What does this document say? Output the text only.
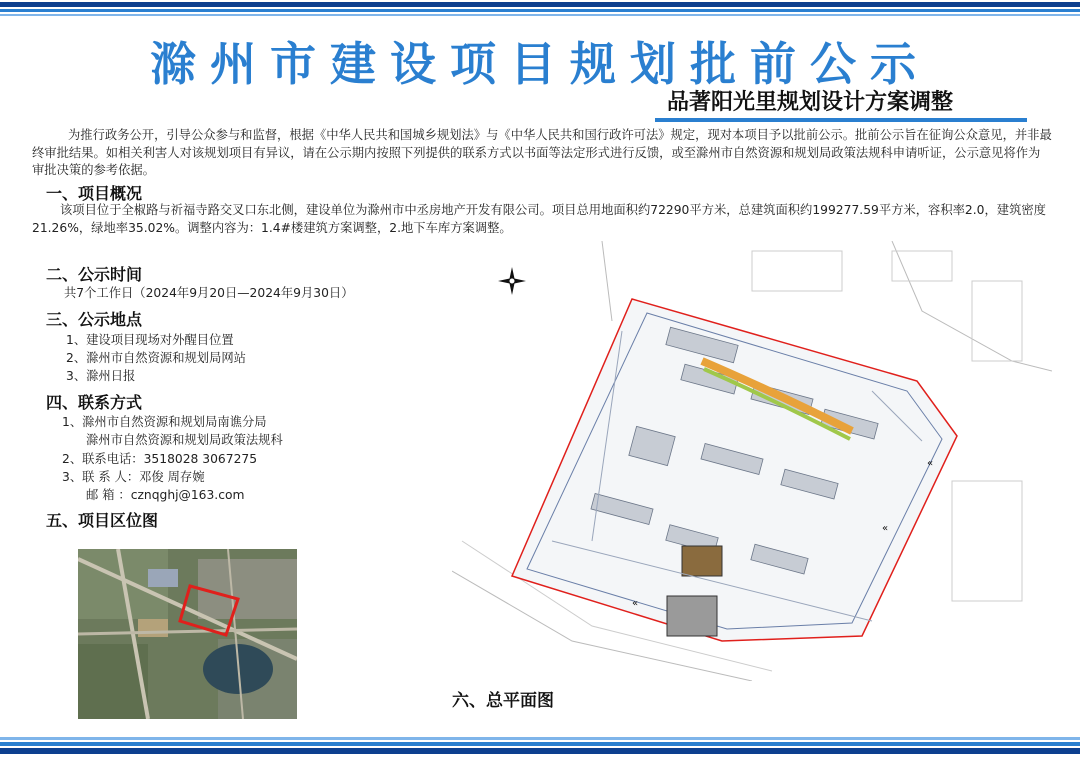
滁州市建设项目规划批前公示
品著阳光里规划设计方案调整
为推行政务公开，引导公众参与和监督，根据《中华人民共和国城乡规划法》与《中华人民共和国行政许可法》规定，现对本项目予以批前公示。批前公示旨在征询公众意见，并非最终审批结果。如相关利害人对该规划项目有异议，请在公示期内按照下列提供的联系方式以书面等法定形式进行反馈，或至滁州市自然资源和规划局政策法规科申请听证，公示意见将作为审批决策的参考依据。
一、项目概况
该项目位于全椒路与祈福寺路交叉口东北侧，建设单位为滁州市中丞房地产开发有限公司。项目总用地面积约72290平方米，总建筑面积约199277.59平方米，容积率2.0，建筑密度21.26%，绿地率35.02%。调整内容为：1.4#楼建筑方案调整，2.地下车库方案调整。
二、公示时间
共7个工作日（2024年9月20日—2024年9月30日）
三、公示地点
1、建设项目现场对外醒目位置
2、滁州市自然资源和规划局网站
3、滁州日报
四、联系方式
1、滁州市自然资源和规划局南谯分局
滁州市自然资源和规划局政策法规科
2、联系电话：3518028 3067275
3、联 系 人：邓俊 周存婉
邮 箱 ：cznqghj@163.com
五、项目区位图
«
«
«
六、总平面图
